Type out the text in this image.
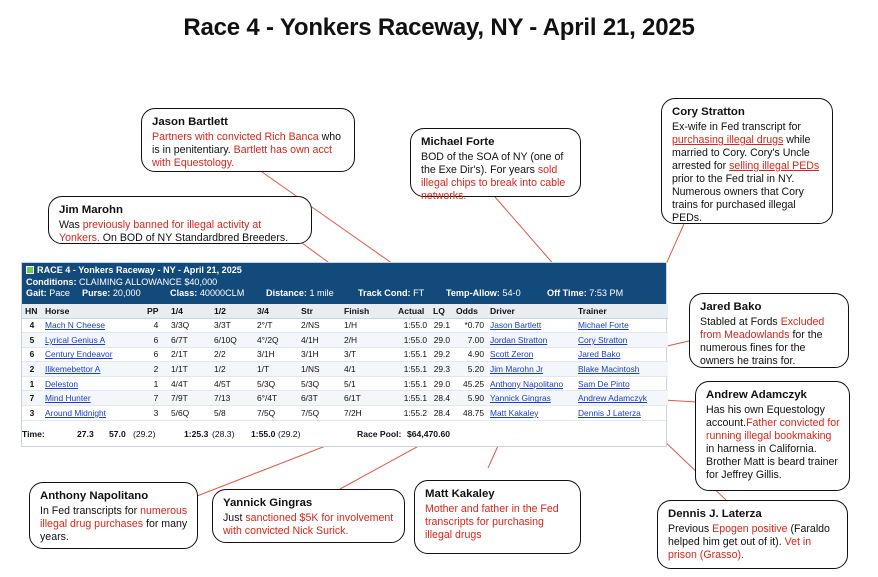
Race 4 - Yonkers Raceway, NY - April 21, 2025
RACE 4 - Yonkers Raceway - NY - April 21, 2025
Conditions: CLAIMING ALLOWANCE $40,000
Gait: Pace Purse: 20,000	Class: 40000CLM Distance: 1 mile	Track Cond: FT Temp-Allow: 54-0	Off Time: 7:53 PM
HN	Horse	PP	1/4	1/2	3/4	Str	Finish	Actual	LQ	Odds	Driver	Trainer
4	Mach N Cheese	4	3/3Q	3/3T	2°/T	2/NS	1/H	1:55.0	29.1	*0.70	Jason Bartlett	Michael Forte
5	Lyrical Genius A	6	6/7T	6/10Q	4°/2Q	4/1H	2/H	1:55.0	29.0	7.00	Jordan Stratton	Cory Stratton
6	Century Endeavor	6	2/1T	2/2	3/1H	3/1H	3/T	1:55.1	29.2	4.90	Scott Zeron	Jared Bako
2	Ilikemebettor A	2	1/1T	1/2	1/T	1/NS	4/1	1:55.1	29.3	5.20	Jim Marohn Jr	Blake Macintosh
1	Deleston	1	4/4T	4/5T	5/3Q	5/3Q	5/1	1:55.1	29.0	45.25	Anthony Napolitano	Sam De Pinto
7	Mind Hunter	7	7/9T	7/13	6°/4T	6/3T	6/1T	1:55.1	28.4	5.90	Yannick Gingras	Andrew Adamczyk
3	Around Midnight	3	5/6Q	5/8	7/5Q	7/5Q	7/2H	1:55.2	28.4	48.75	Matt Kakaley	Dennis J Laterza
Time:	27.3 57.0 (29.2)	1:25.3 (28.3) 1:55.0 (29.2)	Race Pool: $64,470.60
Jason Bartlett
Partners with convicted Rich Banca who is in penitentiary. Bartlett has own acct with Equestology.
Michael Forte
BOD of the SOA of NY (one of the Exe Dir's). For years sold illegal chips to break into cable networks.
Cory Stratton
Ex-wife in Fed transcript for purchasing illegal drugs while married to Cory. Cory's Uncle arrested for selling illegal PEDs prior to the Fed trial in NY. Numerous owners that Cory trains for purchased illegal PEDs.
Jim Marohn
Was previously banned for illegal activity at Yonkers. On BOD of NY Standardbred Breeders.
Jared Bako
Stabled at Fords Excluded from Meadowlands for the numerous fines for the owners he trains for.
Andrew Adamczyk
Has his own Equestology account.Father convicted for running illegal bookmaking in harness in California. Brother Matt is beard trainer for Jeffrey Gillis.
Anthony Napolitano
In Fed transcripts for numerous illegal drug purchases for many years.
Yannick Gingras
Just sanctioned $5K for involvement with convicted Nick Surick.
Matt Kakaley
Mother and father in the Fed transcripts for purchasing illegal drugs
Dennis J. Laterza
Previous Epogen positive (Faraldo helped him get out of it). Vet in prison (Grasso).
